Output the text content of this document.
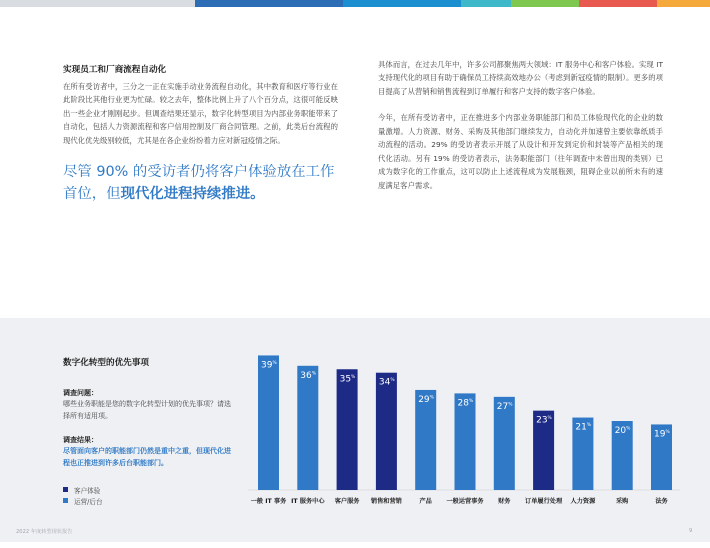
实现员工和厂商流程自动化

在所有受访者中，三分之一正在实施手动业务流程自动化，其中教育和医疗等行业在此阶段比其他行业更为忙碌。较之去年，整体比例上升了八个百分点，这很可能反映出一些企业才刚刚起步。但调查结果还显示，数字化转型项目为内部业务职能带来了自动化，包括人力资源流程和客户信用控制及厂商合同管理。之前，此类后台流程的现代化优先级别较低，尤其是在各企业纷纷着力应对新冠疫情之际。

尽管 90% 的受访者仍将客户体验放在工作首位，但现代化进程持续推进。

具体而言，在过去几年中，许多公司都聚焦两大领域：IT 服务中心和客户体验。实现 IT 支持现代化的项目有助于确保员工持续高效地办公（考虑到新冠疫情的限制）。更多的项目提高了从营销和销售流程到订单履行和客户支持的数字客户体验。

今年，在所有受访者中，正在推进多个内部业务职能部门和员工体验现代化的企业的数量激增。人力资源、财务、采购及其他部门继续发力，自动化并加速曾主要依靠纸质手动流程的活动。29% 的受访者表示开展了从设计和开发到定价和封装等产品相关的现代化活动。另有 19% 的受访者表示，法务职能部门（往年调查中未曾出现的类别）已成为数字化的工作重点，这可以防止上述流程成为发展瓶颈，阻碍企业以前所未有的速度满足客户需求。

数字化转型的优先事项
调查问题：
哪些业务职能是您的数字化转型计划的优先事项？请选择所有适用项。
调查结果：
尽管面向客户的职能部门仍然是重中之重，但现代化进程也正推进到许多后台职能部门。
客户体验
运营/后台
39%
36%
35%
34%
29%
28%
27%
23%
21%
20%
19%
一般 IT 事务 IT 服务中心	客户服务	销售和营销	产品	一般运营事务	财务	订单履行处理	人力资源	采购	法务
2022 年度转型现状报告	9
